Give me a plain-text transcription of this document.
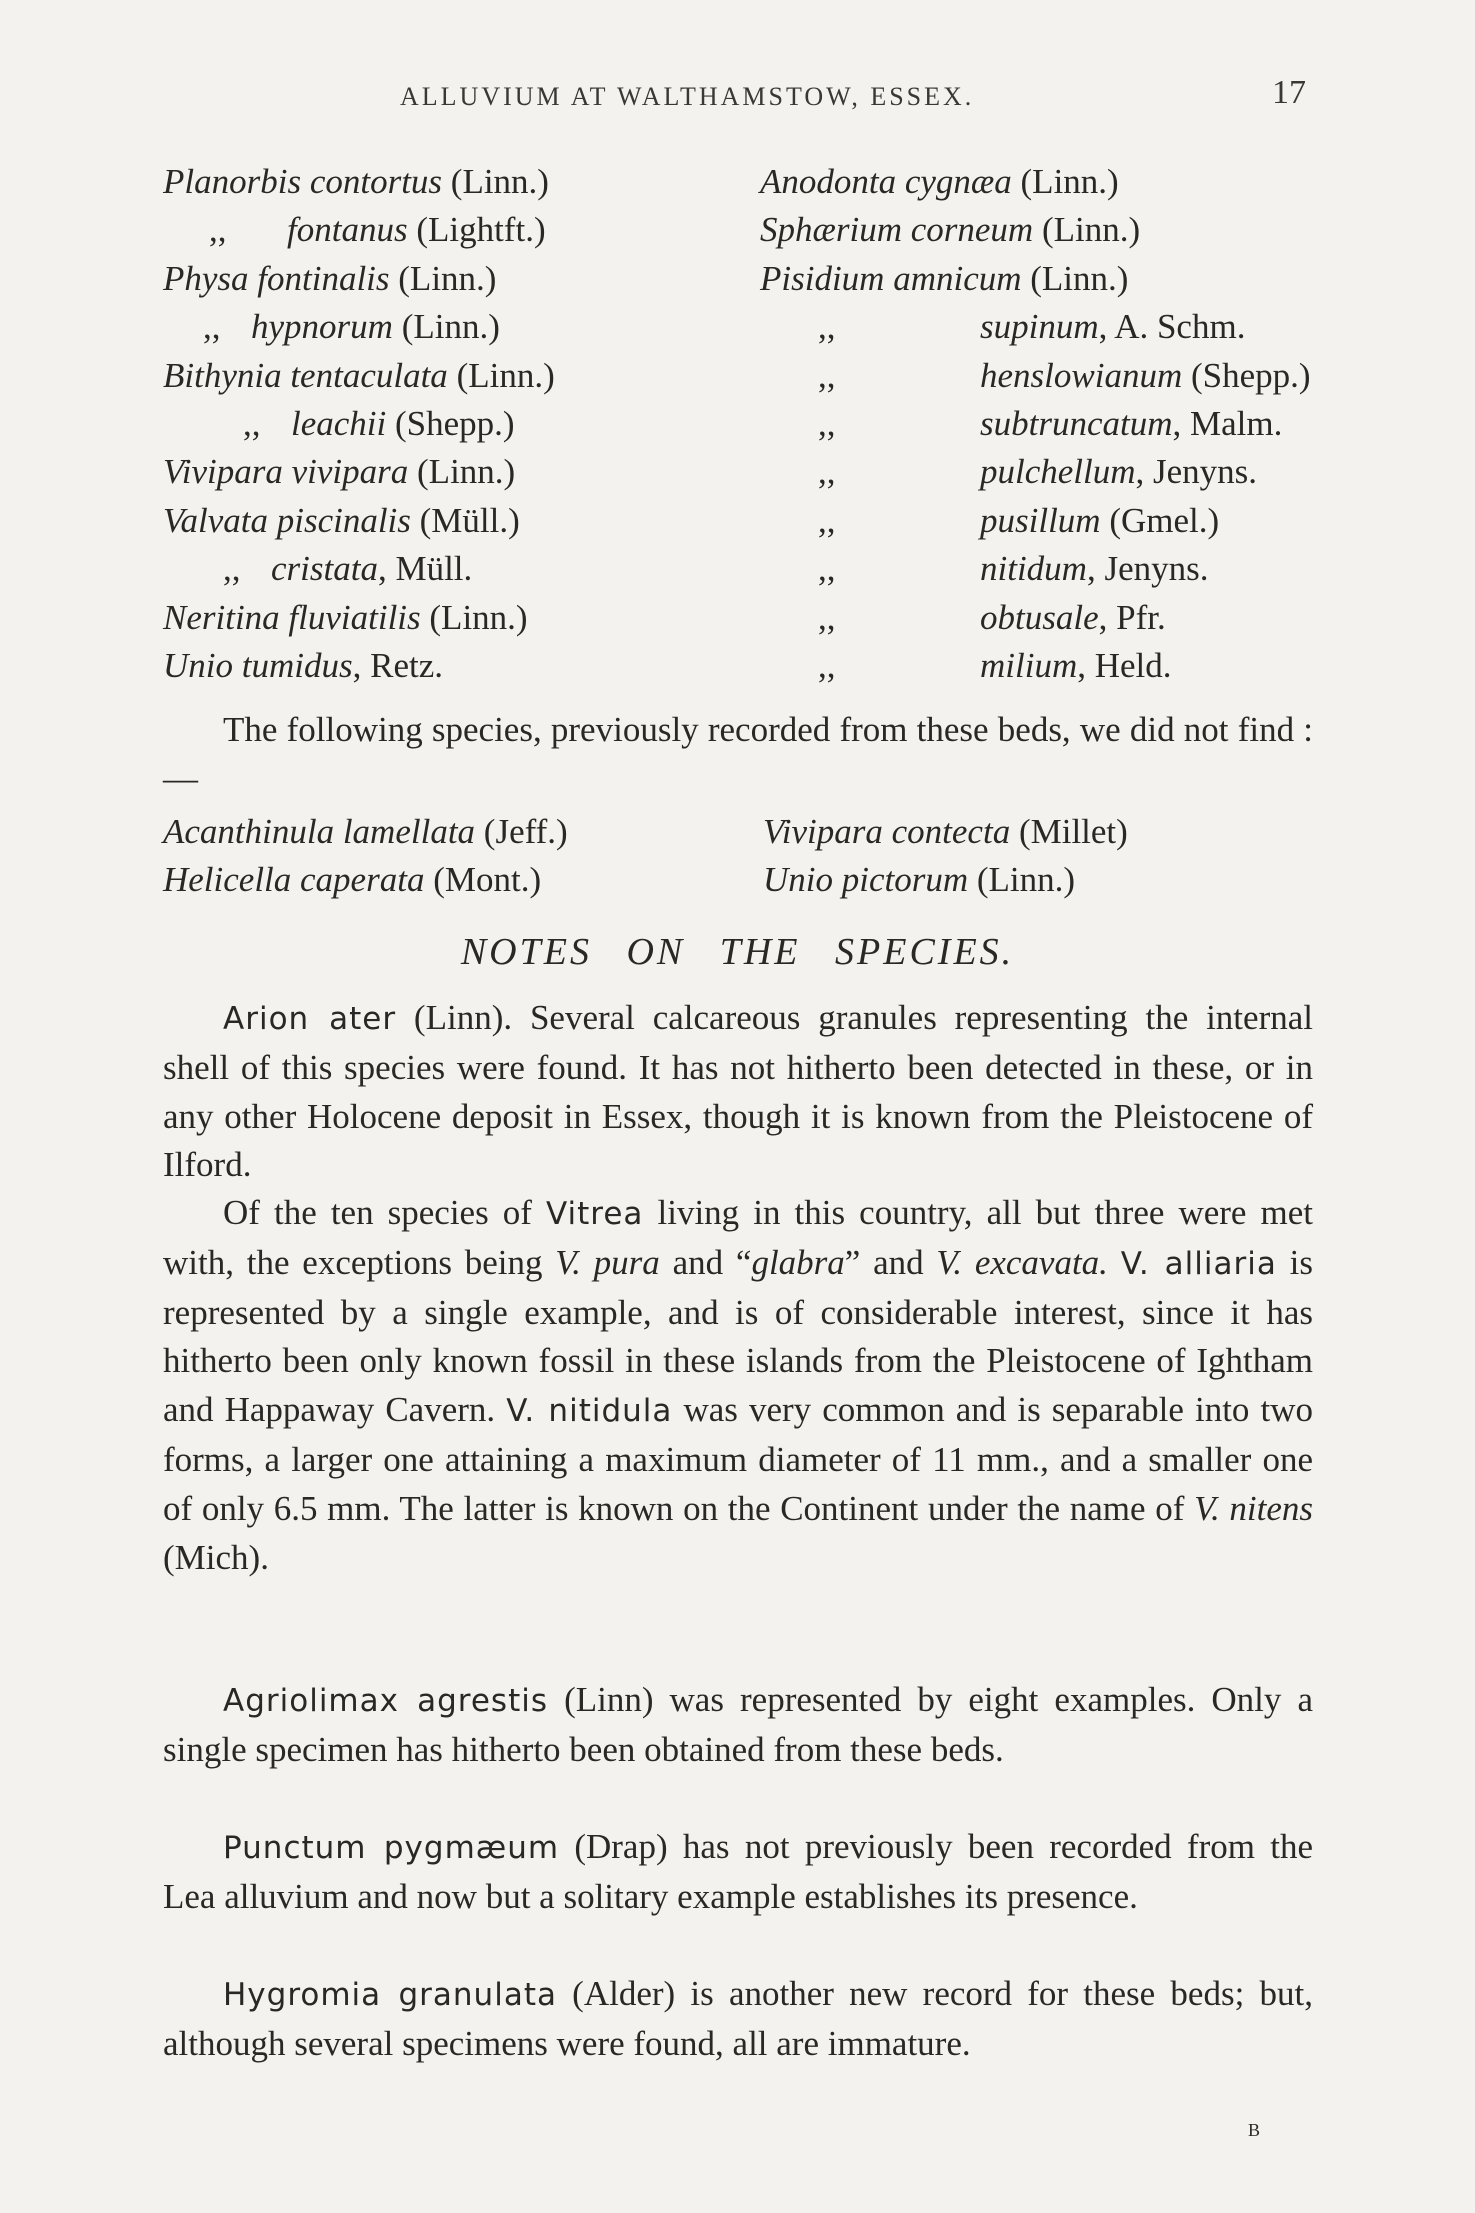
ALLUVIUM AT WALTHAMSTOW, ESSEX.	17
Planorbis contortus (Linn.)
,, fontanus (Lightft.)
Physa fontinalis (Linn.)
,, hypnorum (Linn.)
Bithynia tentaculata (Linn.)
,, leachii (Shepp.)
Vivipara vivipara (Linn.)
Valvata piscinalis (Müll.)
,, cristata, Müll.
Neritina fluviatilis (Linn.)
Unio tumidus, Retz.
Anodonta cygnæa (Linn.)
Sphærium corneum (Linn.)
Pisidium amnicum (Linn.)
,,	supinum, A. Schm.
,,	henslowianum (Shepp.)
,,	subtruncatum, Malm.
,,	pulchellum, Jenyns.
,,	pusillum (Gmel.)
,,	nitidum, Jenyns.
,,	obtusale, Pfr.
,,	milium, Held.

The following species, previously recorded from these beds, we did not find :—

Acanthinula lamellata (Jeff.)
Helicella caperata (Mont.)
Vivipara contecta (Millet)
Unio pictorum (Linn.)
NOTES ON THE SPECIES.

Arion ater (Linn). Several calcareous granules representing the internal shell of this species were found. It has not hitherto been detected in these, or in any other Holocene deposit in Essex, though it is known from the Pleistocene of Ilford.

Of the ten species of Vitrea living in this country, all but three were met with, the exceptions being V. pura and “glabra” and V. excavata. V. alliaria is represented by a single example, and is of considerable interest, since it has hitherto been only known fossil in these islands from the Pleistocene of Ightham and Happaway Cavern. V. nitidula was very common and is separable into two forms, a larger one attaining a maximum diameter of 11 mm., and a smaller one of only 6.5 mm. The latter is known on the Continent under the name of V. nitens (Mich).

Agriolimax agrestis (Linn) was represented by eight examples. Only a single specimen has hitherto been obtained from these beds.

Punctum pygmæum (Drap) has not previously been recorded from the Lea alluvium and now but a solitary example establishes its presence.

Hygromia granulata (Alder) is another new record for these beds; but, although several specimens were found, all are immature.

B
